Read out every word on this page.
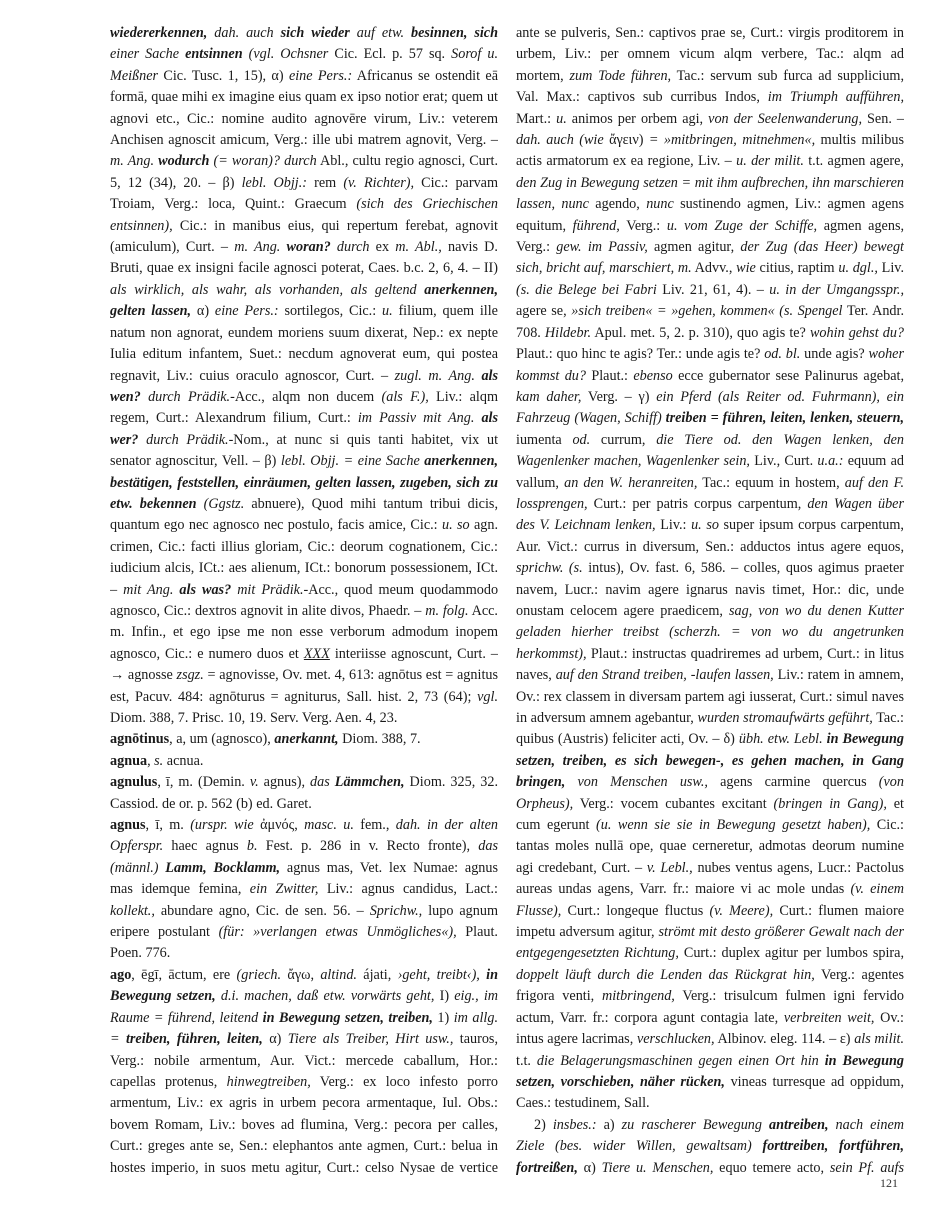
wiedererkennen, dah. auch sich wieder auf etw. besinnen, sich einer Sache entsinnen (vgl. Ochsner Cic. Ecl. p. 57 sq. Sorof u. Meißner Cic. Tusc. 1, 15), α) eine Pers.: Africanus se ostendit eā formā, quae mihi ex imagine eius quam ex ipso notior erat; quem ut agnovi etc., Cic.: nomine audito agnovēre virum, Liv.: veterem Anchisen agnoscit amicum, Verg.: ille ubi matrem agnovit, Verg. – m. Ang. wodurch (= woran)? durch Abl., cultu regio agnosci, Curt. 5, 12 (34), 20. – β) lebl. Objj.: rem (v. Richter), Cic.: parvam Troiam, Verg.: loca, Quint.: Graecum (sich des Griechischen entsinnen), Cic.: in manibus eius, qui repertum ferebat, agnovit (amiculum), Curt. – m. Ang. woran? durch ex m. Abl., navis D. Bruti, quae ex insigni facile agnosci poterat, Caes. b.c. 2, 6, 4. – II) als wirklich, als wahr, als vorhanden, als geltend anerkennen, gelten lassen, α) eine Pers.: sortilegos, Cic.: u. filium, quem ille natum non agnorat, eundem moriens suum dixerat, Nep.: ex nepte Iulia editum infantem, Suet.: necdum agnoverat eum, qui postea regnavit, Liv.: cuius oraculo agnoscor, Curt. – zugl. m. Ang. als wen? durch Prädik.-Acc., alqm non ducem (als F.), Liv.: alqm regem, Curt.: Alexandrum filium, Curt.: im Passiv mit Ang. als wer? durch Prädik.-Nom., at nunc si quis tanti habitet, vix ut senator agnoscitur, Vell. – β) lebl. Objj. = eine Sache anerkennen, bestätigen, feststellen, einräumen, gelten lassen, zugeben, sich zu etw. bekennen (Ggstz. abnuere), Quod mihi tantum tribui dicis, quantum ego nec agnosco nec postulo, facis amice, Cic.: u. so agn. crimen, Cic.: facti illius gloriam, Cic.: deorum cognationem, Cic.: iudicium alcis, ICt.: aes alienum, ICt.: bonorum possessionem, ICt. – mit Ang. als was? mit Prädik.-Acc., quod meum quodammodo agnosco, Cic.: dextros agnovit in alite divos, Phaedr. – m. folg. Acc. m. Infin., et ego ipse me non esse verborum admodum inopem agnosco, Cic.: e numero duos et XXX interiisse agnoscunt, Curt. – → agnosse zsgz. = agnovisse, Ov. met. 4, 613: agnōtus est = agnitus est, Pacuv. 484: agnōturus = agniturus, Sall. hist. 2, 73 (64); vgl. Diom. 388, 7. Prisc. 10, 19. Serv. Verg. Aen. 4, 23.

agnōtinus, a, um (agnosco), anerkannt, Diom. 388, 7.

agnua, s. acnua.

agnulus, ī, m. (Demin. v. agnus), das Lämmchen, Diom. 325, 32. Cassiod. de or. p. 562 (b) ed. Garet.

agnus, ī, m. (urspr. wie ἀμνός, masc. u. fem., dah. in der alten Opferspr. haec agnus b. Fest. p. 286 in v. Recto fronte), das (männl.) Lamm, Bocklamm, agnus mas, Vet. lex Numae: agnus mas idemque femina, ein Zwitter, Liv.: agnus candidus, Lact.: kollekt., abundare agno, Cic. de sen. 56. – Sprichw., lupo agnum eripere postulant (für: »verlangen etwas Unmögliches«), Plaut. Poen. 776.

ago, ēgī, āctum, ere (griech. ἄγω, altind. ájati, ›geht, treibt‹), in Bewegung setzen, d.i. machen, daß etw. vorwärts geht, I) eig., im Raume = führend, leitend in Bewegung setzen, treiben, 1) im allg. = treiben, führen, leiten, α) Tiere als Treiber, Hirt usw., tauros, Verg.: nobile armentum, Aur. Vict.: mercede caballum, Hor.: capellas protenus, hinwegtreiben, Verg.: ex loco infesto porro armentum, Liv.: ex agris in urbem pecora armentaque, Iul. Obs.: bovem Romam, Liv.: boves ad flumina, Verg.: pecora per calles, Curt.: greges ante se, Sen.: elephantos ante agmen, Curt.: belua in hostes imperio, in suos metu agitur, Curt.: celso Nysae de vertice

ante se pulveris, Sen.: captivos prae se, Curt.: virgis proditorem in urbem, Liv.: per omnem vicum alqm verbere, Tac.: alqm ad mortem, zum Tode führen, Tac.: servum sub furca ad supplicium, Val. Max.: captivos sub curribus Indos, im Triumph aufführen, Mart.: u. animos per orbem agi, von der Seelenwanderung, Sen. – dah. auch (wie ἄγειν) = »mitbringen, mitnehmen«, multis milibus actis armatorum ex ea regione, Liv. – u. der milit. t.t. agmen agere, den Zug in Bewegung setzen = mit ihm aufbrechen, ihn marschieren lassen, nunc agendo, nunc sustinendo agmen, Liv.: agmen agens equitum, führend, Verg.: u. vom Zuge der Schiffe, agmen agens, Verg.: gew. im Passiv, agmen agitur, der Zug (das Heer) bewegt sich, bricht auf, marschiert, m. Advv., wie citius, raptim u. dgl., Liv. (s. die Belege bei Fabri Liv. 21, 61, 4). – u. in der Umgangsspr., agere se, »sich treiben« = »gehen, kommen« (s. Spengel Ter. Andr. 708. Hildebr. Apul. met. 5, 2. p. 310), quo agis te? wohin gehst du? Plaut.: quo hinc te agis? Ter.: unde agis te? od. bl. unde agis? woher kommst du? Plaut.: ebenso ecce gubernator sese Palinurus agebat, kam daher, Verg. – γ) ein Pferd (als Reiter od. Fuhrmann), ein Fahrzeug (Wagen, Schiff) treiben = führen, leiten, lenken, steuern, iumenta od. currum, die Tiere od. den Wagen lenken, den Wagenlenker machen, Wagenlenker sein, Liv., Curt. u.a.: equum ad vallum, an den W. heranreiten, Tac.: equum in hostem, auf den F. lossprengen, Curt.: per patris corpus carpentum, den Wagen über des V. Leichnam lenken, Liv.: u. so super ipsum corpus carpentum, Aur. Vict.: currus in diversum, Sen.: adductos intus agere equos, sprichw. (s. intus), Ov. fast. 6, 586. – colles, quos agimus praeter navem, Lucr.: navim agere ignarus navis timet, Hor.: dic, unde onustam celocem agere praedicem, sag, von wo du denen Kutter geladen hierher treibst (scherzh. = von wo du angetrunken herkommst), Plaut.: instructas quadriremes ad urbem, Curt.: in litus naves, auf den Strand treiben, -laufen lassen, Liv.: ratem in amnem, Ov.: rex classem in diversam partem agi iusserat, Curt.: simul naves in adversum amnem agebantur, wurden stromaufwärts geführt, Tac.: quibus (Austris) feliciter acti, Ov. – δ) übh. etw. Lebl. in Bewegung setzen, treiben, es sich bewegen-, es gehen machen, in Gang bringen, von Menschen usw., agens carmine quercus (von Orpheus), Verg.: vocem cubantes excitant (bringen in Gang), et cum egerunt (u. wenn sie sie in Bewegung gesetzt haben), Cic.: tantas moles nullā ope, quae cerneretur, admotas deorum numine agi credebant, Curt. – v. Lebl., nubes ventus agens, Lucr.: Pactolus aureas undas agens, Varr. fr.: maiore vi ac mole undas (v. einem Flusse), Curt.: longeque fluctus (v. Meere), Curt.: flumen maiore impetu adversum agitur, strömt mit desto größerer Gewalt nach der entgegengesetzten Richtung, Curt.: duplex agitur per lumbos spira, doppelt läuft durch die Lenden das Rückgrat hin, Verg.: agentes frigora venti, mitbringend, Verg.: trisulcum fulmen igni fervido actum, Varr. fr.: corpora agunt contagia late, verbreiten weit, Ov.: intus agere lacrimas, verschlucken, Albinov. eleg. 114. – ε) als milit. t.t. die Belagerungsmaschinen gegen einen Ort hin in Bewegung setzen, vorschieben, näher rücken, vineas turresque ad oppidum, Caes.: testudinem, Sall.

2) insbes.: a) zu rascherer Bewegung antreiben, nach einem Ziele (bes. wider Willen, gewaltsam) forttreiben, fortführen, fortreißen, α) Tiere u. Menschen, equo temere acto, sein Pf. aufs

121
